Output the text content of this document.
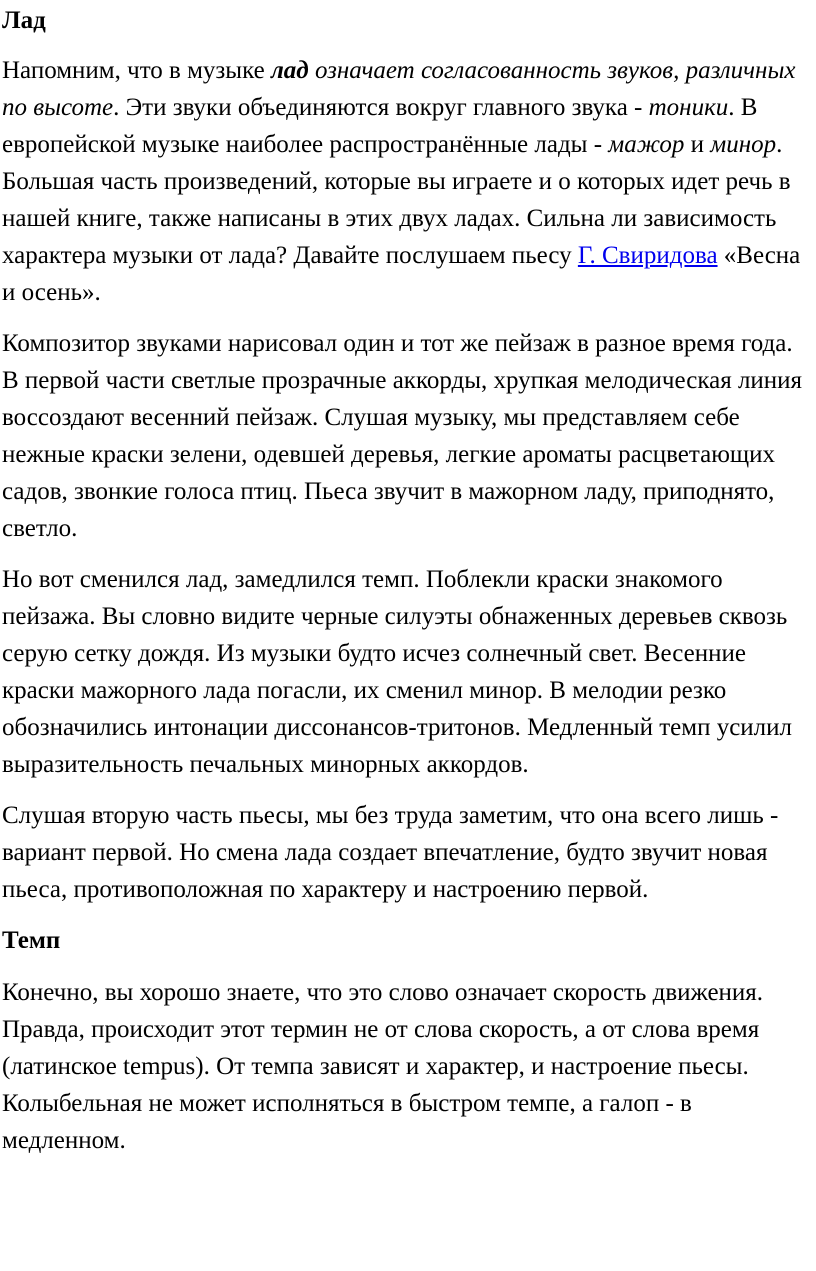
Лад

Напомним, что в музыке лад означает согласованность звуков, различных по высоте. Эти звуки объединяются вокруг главного звука - тоники. В европейской музыке наиболее распространённые лады - мажор и минор. Большая часть произведений, которые вы играете и о которых идет речь в нашей книге, также написаны в этих двух ладах. Сильна ли зависимость характера музыки от лада? Давайте послушаем пьесу Г. Свиридова «Весна и осень».

Композитор звуками нарисовал один и тот же пейзаж в разное время года. В первой части светлые прозрачные аккорды, хрупкая мелодическая линия воссоздают весенний пейзаж. Слушая музыку, мы представляем себе нежные краски зелени, одевшей деревья, легкие ароматы расцветающих садов, звонкие голоса птиц. Пьеса звучит в мажорном ладу, приподнято, светло.

Но вот сменился лад, замедлился темп. Поблекли краски знакомого пейзажа. Вы словно видите черные силуэты обнаженных деревьев сквозь серую сетку дождя. Из музыки будто исчез солнечный свет. Весенние краски мажорного лада погасли, их сменил минор. В мелодии резко обозначились интонации диссонансов-тритонов. Медленный темп усилил выразительность печальных минорных аккордов.

Слушая вторую часть пьесы, мы без труда заметим, что она всего лишь - вариант первой. Но смена лада создает впечатление, будто звучит новая пьеса, противоположная по характеру и настроению первой.

Темп

Конечно, вы хорошо знаете, что это слово означает скорость движения. Правда, происходит этот термин не от слова скорость, а от слова время (латинское tempus). От темпа зависят и характер, и настроение пьесы. Колыбельная не может исполняться в быстром темпе, а галоп - в медленном.
